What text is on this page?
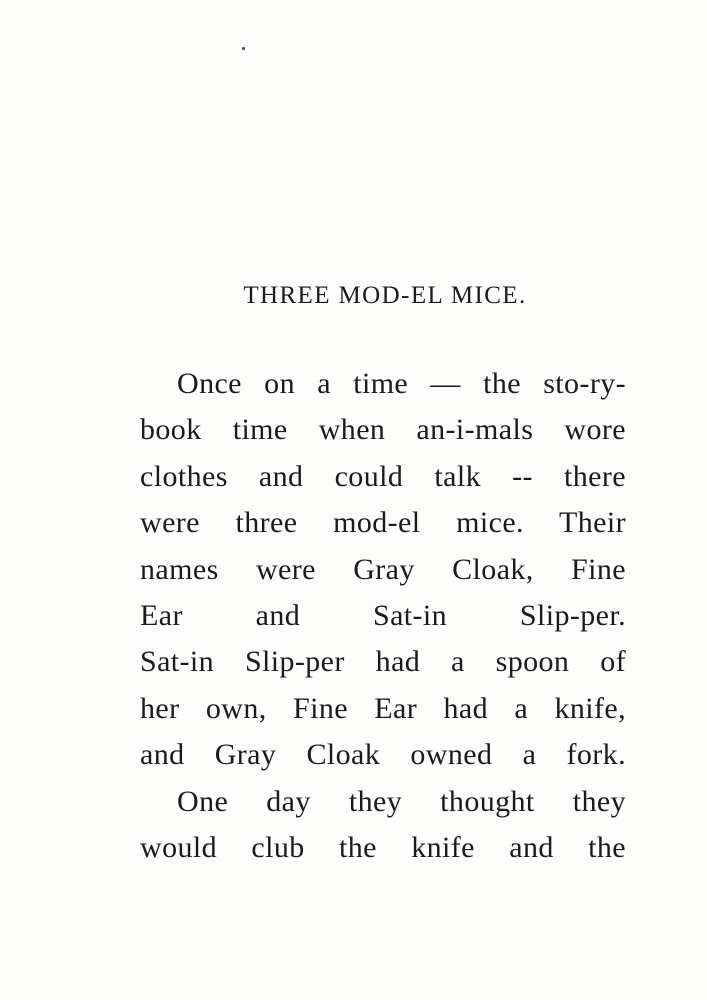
THREE MOD-EL MICE.
Once on a time — the sto-ry-
book time when an-i-mals wore
clothes and could talk -- there
were three mod-el mice. Their
names were Gray Cloak, Fine
Ear and Sat-in Slip-per.
Sat-in Slip-per had a spoon of
her own, Fine Ear had a knife,
and Gray Cloak owned a fork.
One day they thought they
would club the knife and the
